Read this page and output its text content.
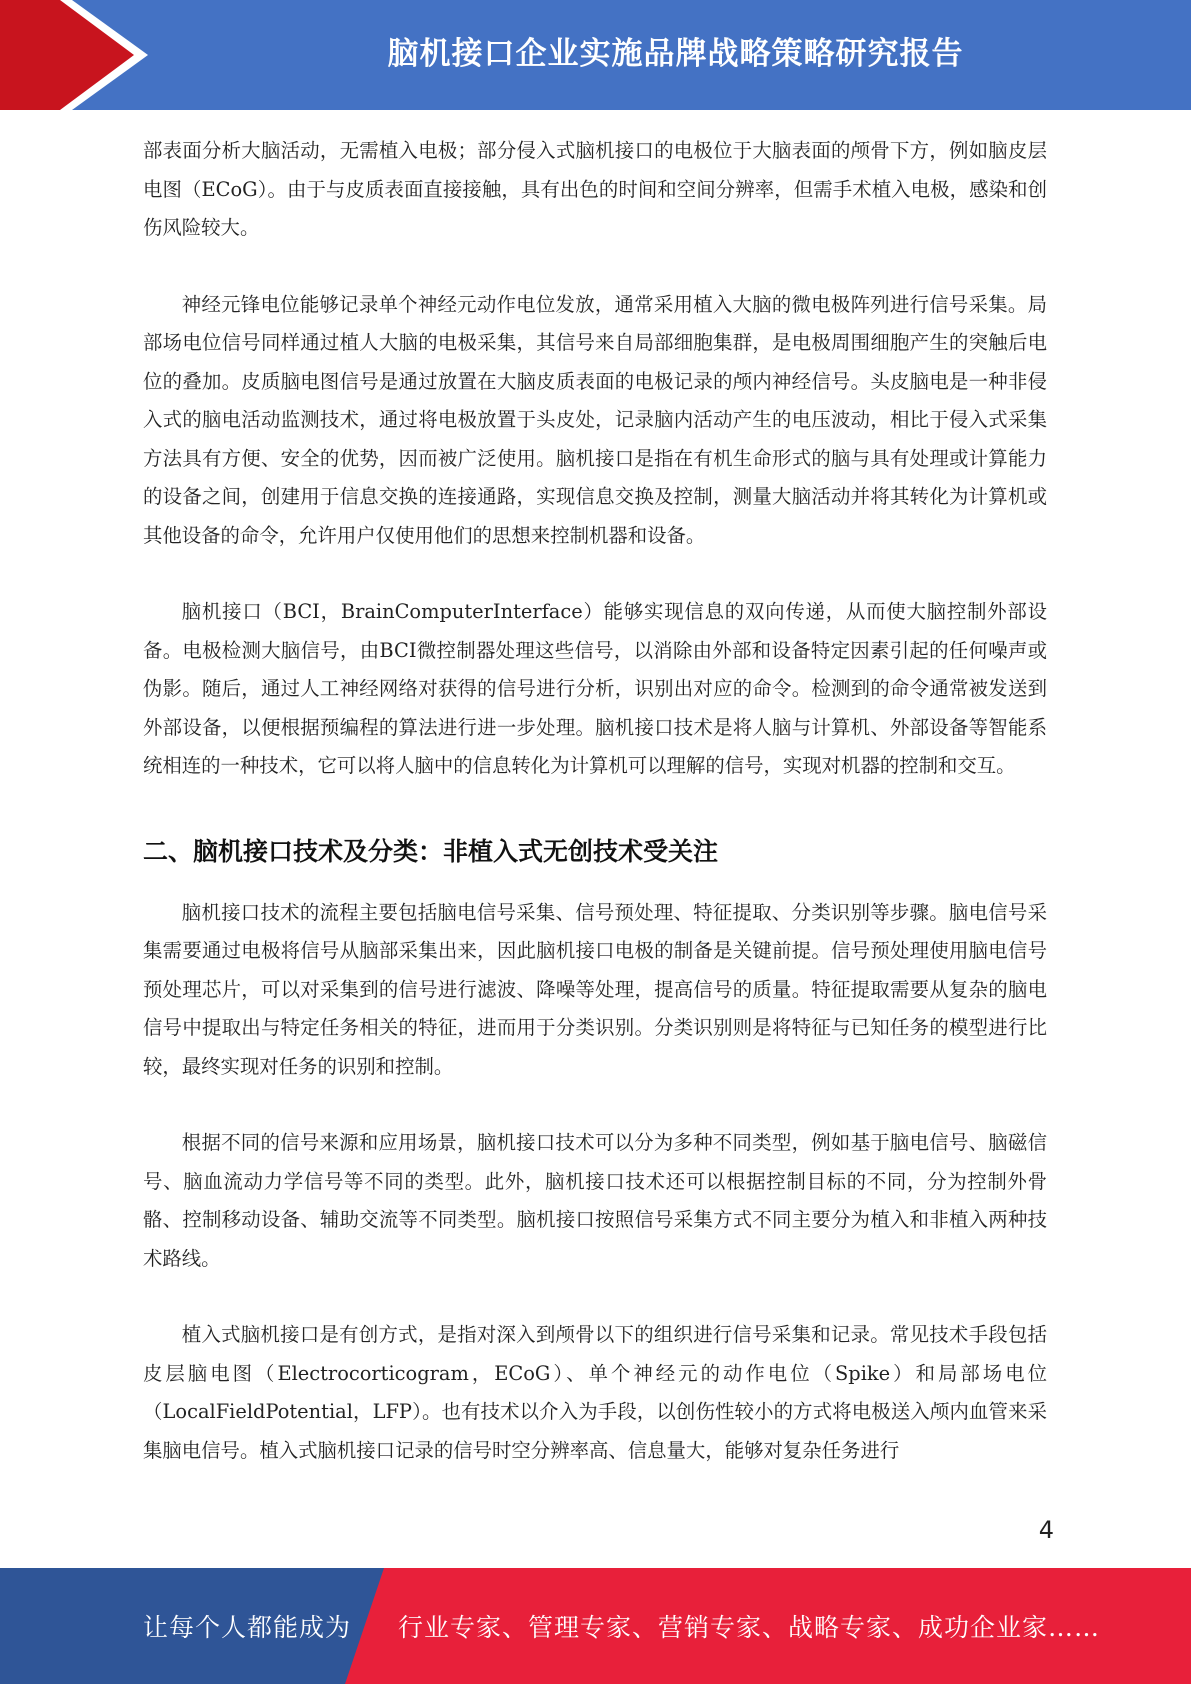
脑机接口企业实施品牌战略策略研究报告

部表面分析大脑活动，无需植入电极；部分侵入式脑机接口的电极位于大脑表面的颅骨下方，例如脑皮层电图（ECoG）。由于与皮质表面直接接触，具有出色的时间和空间分辨率，但需手术植入电极，感染和创伤风险较大。

神经元锋电位能够记录单个神经元动作电位发放，通常采用植入大脑的微电极阵列进行信号采集。局部场电位信号同样通过植人大脑的电极采集，其信号来自局部细胞集群，是电极周围细胞产生的突触后电位的叠加。皮质脑电图信号是通过放置在大脑皮质表面的电极记录的颅内神经信号。头皮脑电是一种非侵入式的脑电活动监测技术，通过将电极放置于头皮处，记录脑内活动产生的电压波动，相比于侵入式采集方法具有方便、安全的优势，因而被广泛使用。脑机接口是指在有机生命形式的脑与具有处理或计算能力的设备之间，创建用于信息交换的连接通路，实现信息交换及控制，测量大脑活动并将其转化为计算机或其他设备的命令，允许用户仅使用他们的思想来控制机器和设备。

脑机接口（BCI，BrainComputerInterface）能够实现信息的双向传递，从而使大脑控制外部设备。电极检测大脑信号，由BCI微控制器处理这些信号，以消除由外部和设备特定因素引起的任何噪声或伪影。随后，通过人工神经网络对获得的信号进行分析，识别出对应的命令。检测到的命令通常被发送到外部设备，以便根据预编程的算法进行进一步处理。脑机接口技术是将人脑与计算机、外部设备等智能系统相连的一种技术，它可以将人脑中的信息转化为计算机可以理解的信号，实现对机器的控制和交互。

二、脑机接口技术及分类：非植入式无创技术受关注

脑机接口技术的流程主要包括脑电信号采集、信号预处理、特征提取、分类识别等步骤。脑电信号采集需要通过电极将信号从脑部采集出来，因此脑机接口电极的制备是关键前提。信号预处理使用脑电信号预处理芯片，可以对采集到的信号进行滤波、降噪等处理，提高信号的质量。特征提取需要从复杂的脑电信号中提取出与特定任务相关的特征，进而用于分类识别。分类识别则是将特征与已知任务的模型进行比较，最终实现对任务的识别和控制。

根据不同的信号来源和应用场景，脑机接口技术可以分为多种不同类型，例如基于脑电信号、脑磁信号、脑血流动力学信号等不同的类型。此外，脑机接口技术还可以根据控制目标的不同，分为控制外骨骼、控制移动设备、辅助交流等不同类型。脑机接口按照信号采集方式不同主要分为植入和非植入两种技术路线。

植入式脑机接口是有创方式，是指对深入到颅骨以下的组织进行信号采集和记录。常见技术手段包括皮层脑电图（Electrocorticogram，ECoG）、单个神经元的动作电位（Spike）和局部场电位（LocalFieldPotential，LFP）。也有技术以介入为手段，以创伤性较小的方式将电极送入颅内血管来采集脑电信号。植入式脑机接口记录的信号时空分辨率高、信息量大，能够对复杂任务进行

4
让每个人都能成为 行业专家、管理专家、营销专家、战略专家、成功企业家……
